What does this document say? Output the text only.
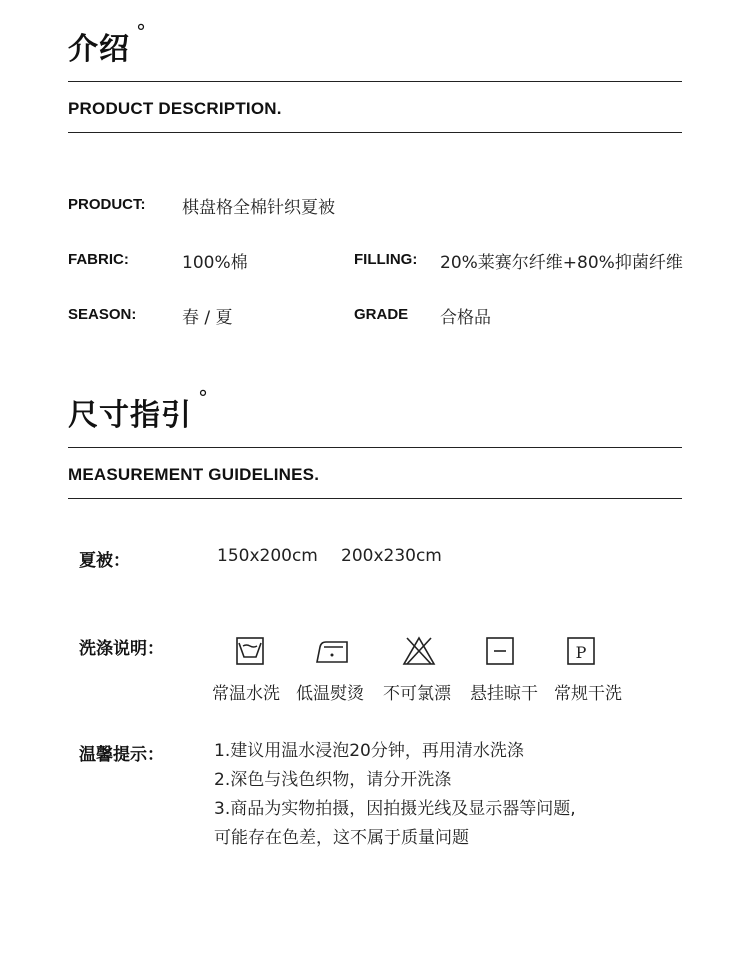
介绍 °
PRODUCT DESCRIPTION.
PRODUCT: 棋盘格全棉针织夏被
FABRIC:	100%棉	FILLING: 20%莱赛尔纤维+80%抑菌纤维
SEASON:	春 / 夏	GRADE 合格品
尺寸指引 °
MEASUREMENT GUIDELINES.
夏被：	150x200cm 200x230cm
洗涤说明：	P
常温水洗 低温熨烫 不可氯漂 悬挂晾干 常规干洗
温馨提示：	1.建议用温水浸泡20分钟，再用清水洗涤
2.深色与浅色织物，请分开洗涤
3.商品为实物拍摄，因拍摄光线及显示器等问题,
可能存在色差，这不属于质量问题
